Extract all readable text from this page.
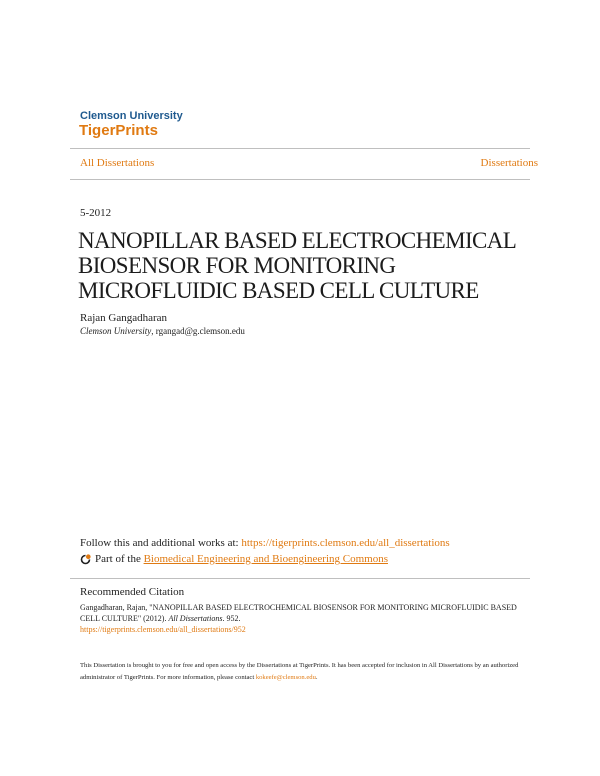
Clemson University
TigerPrints
All Dissertations	Dissertations
5-2012
NANOPILLAR BASED ELECTROCHEMICAL
BIOSENSOR FOR MONITORING
MICROFLUIDIC BASED CELL CULTURE
Rajan Gangadharan
Clemson University, rgangad@g.clemson.edu
Follow this and additional works at: https://tigerprints.clemson.edu/all_dissertations
Part of the
Biomedical Engineering and Bioengineering Commons
Recommended Citation
Gangadharan, Rajan, "NANOPILLAR BASED ELECTROCHEMICAL BIOSENSOR FOR MONITORING MICROFLUIDIC BASED CELL CULTURE" (2012). All Dissertations. 952.
https://tigerprints.clemson.edu/all_dissertations/952
This Dissertation is brought to you for free and open access by the Dissertations at TigerPrints. It has been accepted for inclusion in All Dissertations by an authorized administrator of TigerPrints. For more information, please contact kokeefe@clemson.edu.
